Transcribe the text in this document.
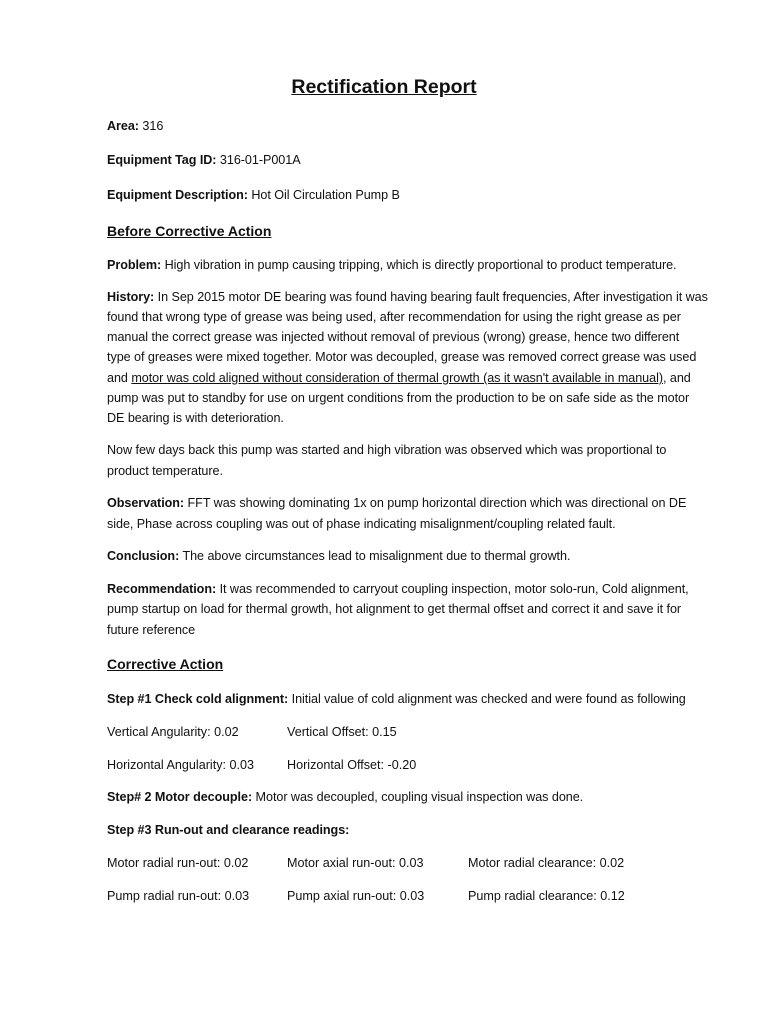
Rectification Report
Area: 316
Equipment Tag ID: 316-01-P001A
Equipment Description: Hot Oil Circulation Pump B
Before Corrective Action
Problem: High vibration in pump causing tripping, which is directly proportional to product temperature.
History: In Sep 2015 motor DE bearing was found having bearing fault frequencies, After investigation it was
found that wrong type of grease was being used, after recommendation for using the right grease as per
manual the correct grease was injected without removal of previous (wrong) grease, hence two different
type of greases were mixed together. Motor was decoupled, grease was removed correct grease was used
and motor was cold aligned without consideration of thermal growth (as it wasn't available in manual), and
pump was put to standby for use on urgent conditions from the production to be on safe side as the motor
DE bearing is with deterioration.
Now few days back this pump was started and high vibration was observed which was proportional to
product temperature.
Observation: FFT was showing dominating 1x on pump horizontal direction which was directional on DE
side, Phase across coupling was out of phase indicating misalignment/coupling related fault.
Conclusion: The above circumstances lead to misalignment due to thermal growth.
Recommendation: It was recommended to carryout coupling inspection, motor solo-run, Cold alignment,
pump startup on load for thermal growth, hot alignment to get thermal offset and correct it and save it for
future reference
Corrective Action
Step #1 Check cold alignment: Initial value of cold alignment was checked and were found as following
Vertical Angularity: 0.02	Vertical Offset: 0.15
Horizontal Angularity: 0.03	Horizontal Offset: -0.20
Step# 2 Motor decouple: Motor was decoupled, coupling visual inspection was done.
Step #3 Run-out and clearance readings:
Motor radial run-out: 0.02	Motor axial run-out: 0.03	Motor radial clearance: 0.02
Pump radial run-out: 0.03	Pump axial run-out: 0.03	Pump radial clearance: 0.12
